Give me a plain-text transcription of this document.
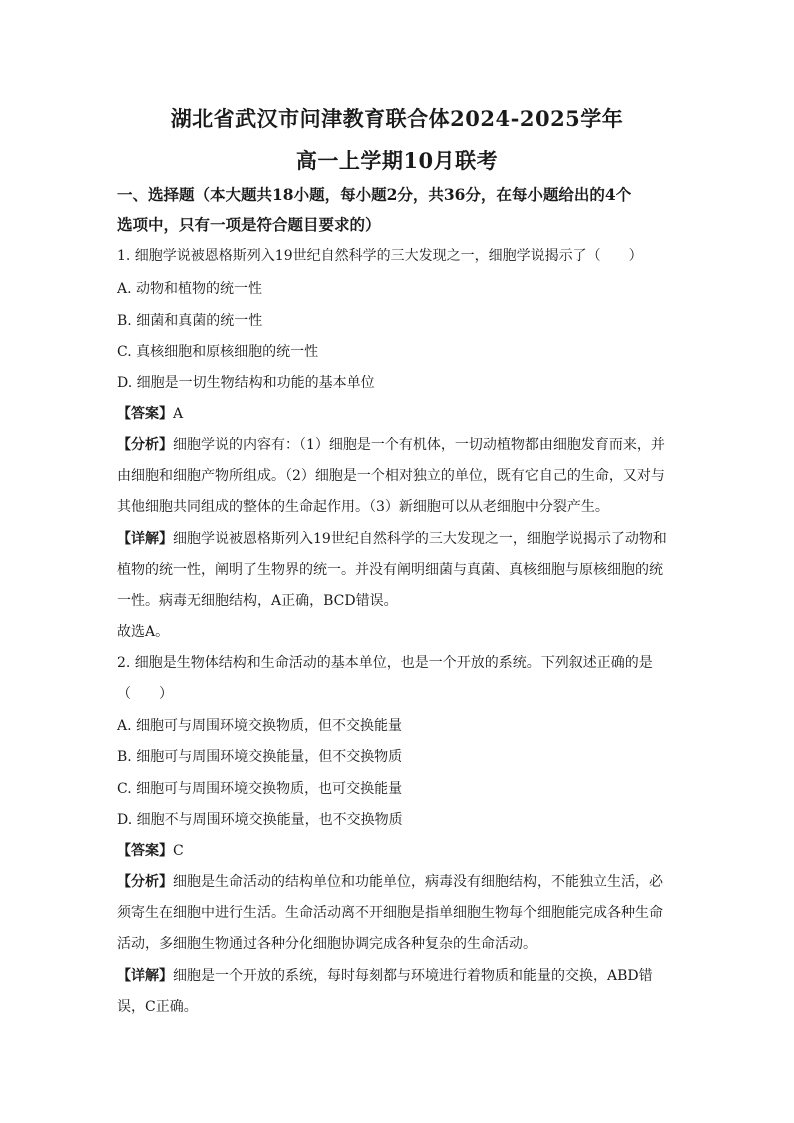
湖北省武汉市问津教育联合体2024-2025学年
高一上学期10月联考
一、选择题（本大题共18小题，每小题2分，共36分，在每小题给出的4个
选项中，只有一项是符合题目要求的）
1. 细胞学说被恩格斯列入19世纪自然科学的三大发现之一，细胞学说揭示了（　　）
A. 动物和植物的统一性
B. 细菌和真菌的统一性
C. 真核细胞和原核细胞的统一性
D. 细胞是一切生物结构和功能的基本单位
【答案】A
【分析】细胞学说的内容有：（1）细胞是一个有机体，一切动植物都由细胞发育而来，并
由细胞和细胞产物所组成。（2）细胞是一个相对独立的单位，既有它自己的生命，又对与
其他细胞共同组成的整体的生命起作用。（3）新细胞可以从老细胞中分裂产生。
【详解】细胞学说被恩格斯列入19世纪自然科学的三大发现之一，细胞学说揭示了动物和
植物的统一性，阐明了生物界的统一。并没有阐明细菌与真菌、真核细胞与原核细胞的统
一性。病毒无细胞结构，A正确，BCD错误。
故选A。
2. 细胞是生物体结构和生命活动的基本单位，也是一个开放的系统。下列叙述正确的是
（　　）
A. 细胞可与周围环境交换物质，但不交换能量
B. 细胞可与周围环境交换能量，但不交换物质
C. 细胞可与周围环境交换物质，也可交换能量
D. 细胞不与周围环境交换能量，也不交换物质
【答案】C
【分析】细胞是生命活动的结构单位和功能单位，病毒没有细胞结构，不能独立生活，必
须寄生在细胞中进行生活。生命活动离不开细胞是指单细胞生物每个细胞能完成各种生命
活动，多细胞生物通过各种分化细胞协调完成各种复杂的生命活动。
【详解】细胞是一个开放的系统，每时每刻都与环境进行着物质和能量的交换，ABD错
误，C正确。
